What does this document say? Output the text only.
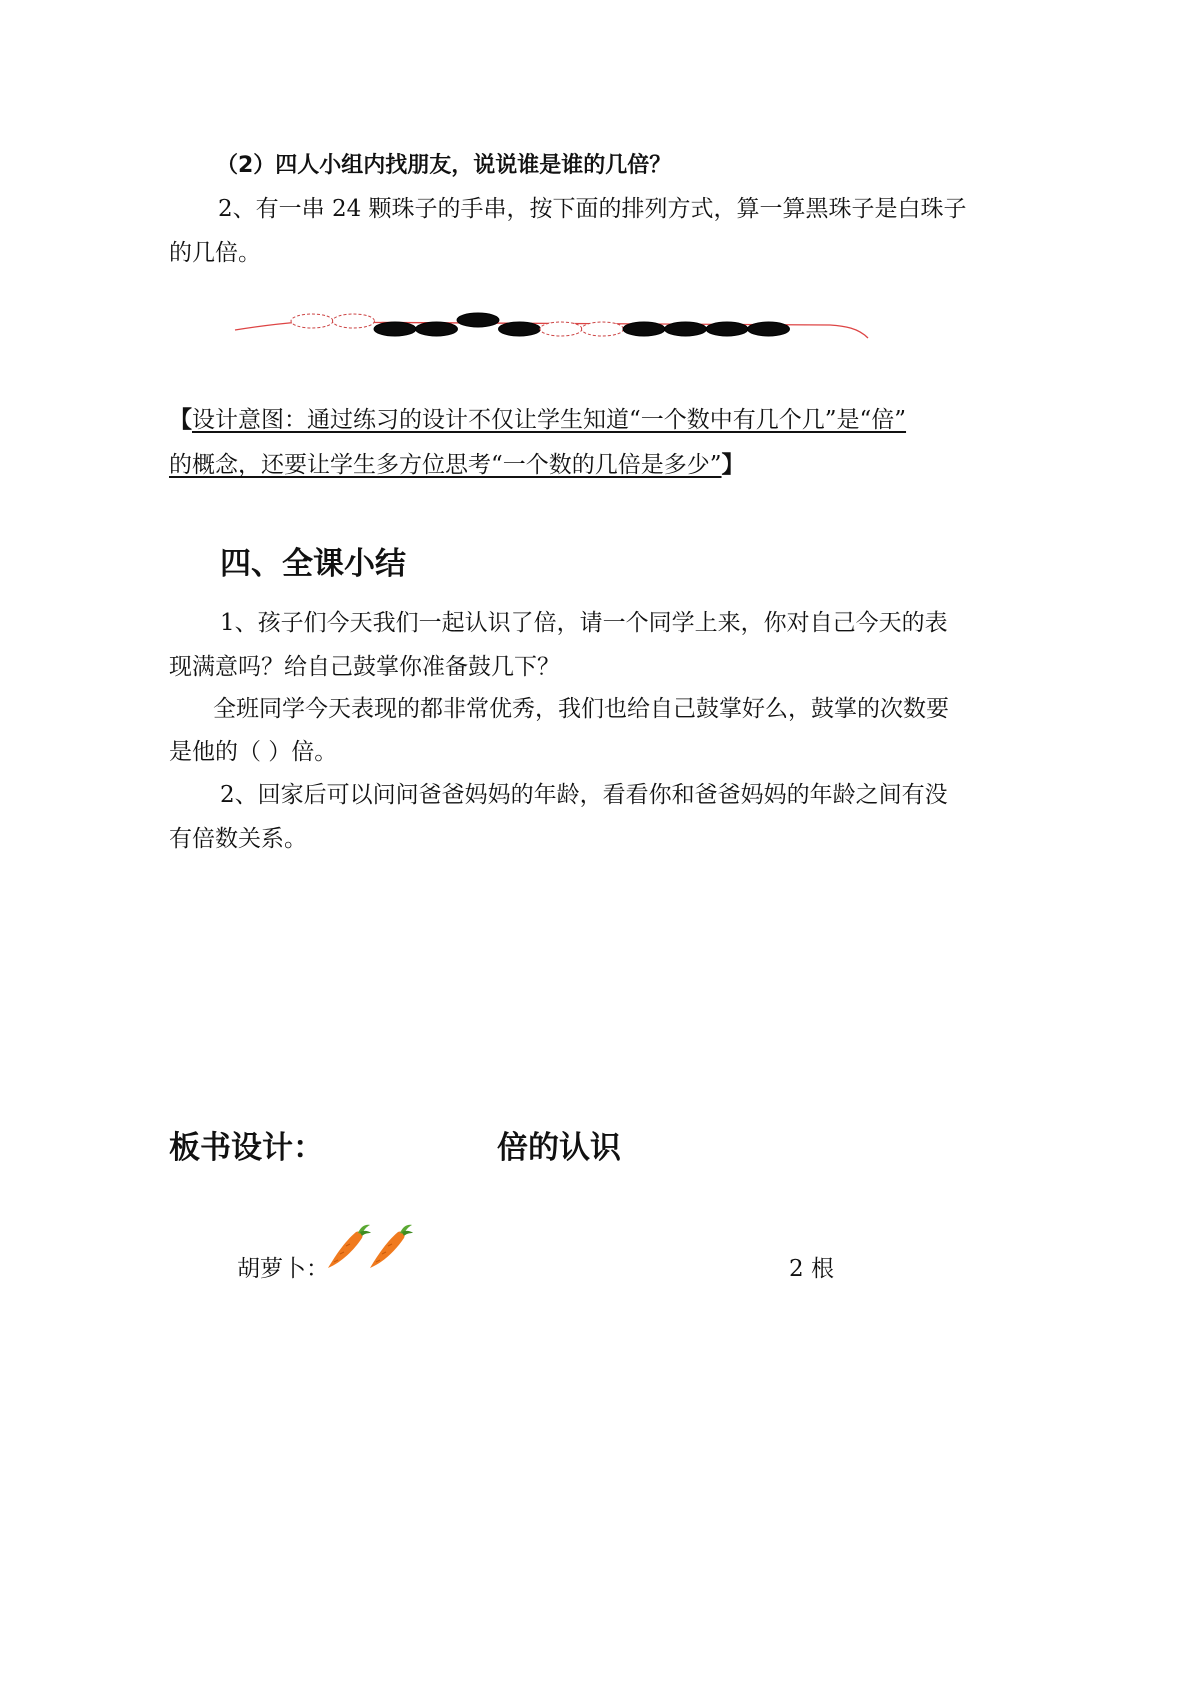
（2）四人小组内找朋友，说说谁是谁的几倍？
2、有一串 24 颗珠子的手串，按下面的排列方式，算一算黑珠子是白珠子
的几倍。
【设计意图：通过练习的设计不仅让学生知道“一个数中有几个几”是“倍”
的概念，还要让学生多方位思考“一个数的几倍是多少”】
四、全课小结
1、孩子们今天我们一起认识了倍，请一个同学上来，你对自己今天的表
现满意吗？给自己鼓掌你准备鼓几下？
全班同学今天表现的都非常优秀，我们也给自己鼓掌好么，鼓掌的次数要
是他的（ ）倍。
2、回家后可以问问爸爸妈妈的年龄，看看你和爸爸妈妈的年龄之间有没
有倍数关系。
板书设计：	倍的认识
胡萝卜：	2 根
